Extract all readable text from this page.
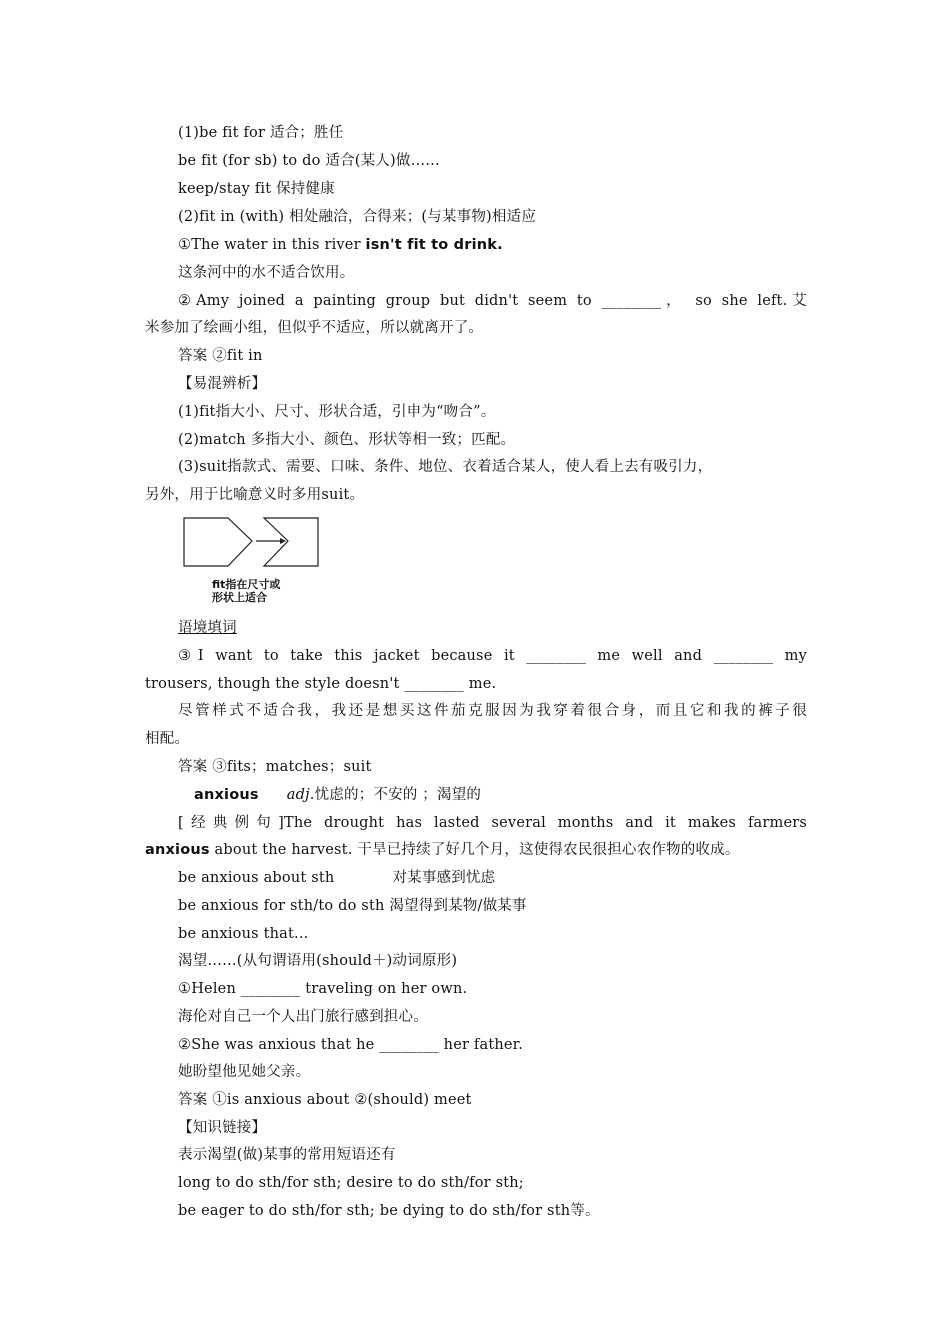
(1)be fit for 适合；胜任
be fit (for sb) to do 适合(某人)做……
keep/stay fit 保持健康
(2)fit in (with) 相处融洽，合得来；(与某事物)相适应
①The water in this river isn't fit to drink.
这条河中的水不适合饮用。
②Amy joined a painting group but didn't seem to ________， so she left.艾
米参加了绘画小组，但似乎不适应，所以就离开了。
答案 ②fit in
【易混辨析】
(1)fit指大小、尺寸、形状合适，引申为“吻合”。
(2)match 多指大小、颜色、形状等相一致；匹配。
(3)suit指款式、需要、口味、条件、地位、衣着适合某人，使人看上去有吸引力，
另外，用于比喻意义时多用suit。
fit指在尺寸或
形状上适合
语境填词
③I want to take this jacket because it ________ me well and ________ my
trousers, though the style doesn't ________ me.
尽管样式不适合我，我还是想买这件茄克服因为我穿着很合身，而且它和我的裤子很
相配。
答案 ③fits；matches；suit
anxious adj.忧虑的；不安的 ；渴望的
[经典例句]The drought has lasted several months and it makes farmers
anxious about the harvest. 干旱已持续了好几个月，这使得农民很担心农作物的收成。
be anxious about sth	对某事感到忧虑
be anxious for sth/to do sth 渴望得到某物/做某事
be anxious that...
渴望……(从句谓语用(should＋)动词原形)
①Helen ________ traveling on her own.
海伦对自己一个人出门旅行感到担心。
②She was anxious that he ________ her father.
她盼望他见她父亲。
答案 ①is anxious about ②(should) meet
【知识链接】
表示渴望(做)某事的常用短语还有
long to do sth/for sth; desire to do sth/for sth;
be eager to do sth/for sth; be dying to do sth/for sth等。
